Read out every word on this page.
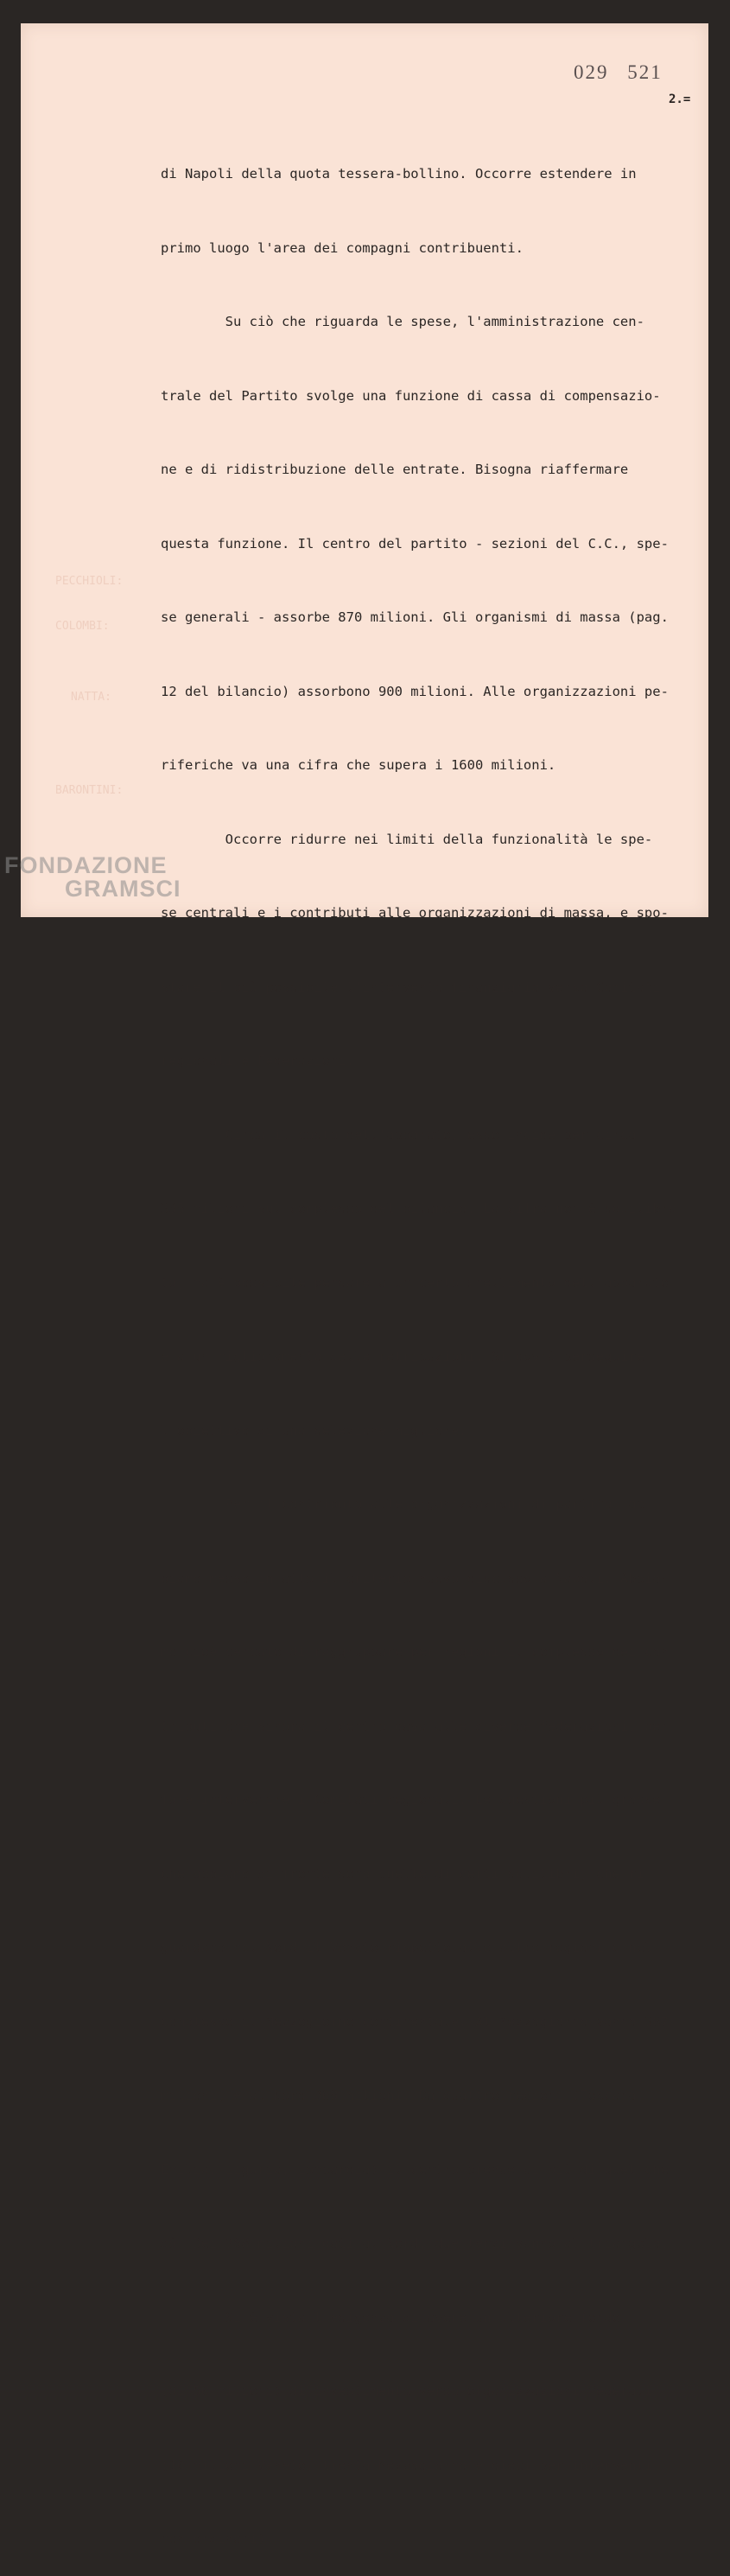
029 521
2.=
PECCHIOLI:
COLOMBI:
NATTA:
BARONTINI:

di Napoli della quota tessera-bollino. Occorre estendere in

primo luogo l'area dei compagni contribuenti.

Su ciò che riguarda le spese, l'amministrazione cen-

trale del Partito svolge una funzione di cassa di compensazio-

ne e di ridistribuzione delle entrate. Bisogna riaffermare

questa funzione. Il centro del partito - sezioni del C.C., spe-

se generali - assorbe 870 milioni. Gli organismi di massa (pag.

12 del bilancio) assorbono 900 milioni. Alle organizzazioni pe-

riferiche va una cifra che supera i 1600 milioni.

Occorre ridurre nei limiti della funzionalità le spe-

se centrali e i contributi alle organizzazioni di massa, e spo-

stare il più possibile l'intervento finanziario verso Comitati

regionali e Federazioni.

Circa il costo dell'apparato, esso incide per circa

335 milioni sul complesso del bilancio. La cifra non è squilibra

ta, ma è possibile pensare a un certo snellimento dell'apparato

e a un miglioramento delle retribuzioni. Si dovrà perseguire

l'obiettivo di una selezione migliore.

Per il contributo alle organizzazioni di partito, ab-

biamo messo in atto il criterio nuovo discusso a Napoli. Abbia-

mo cioè cercato di raggruppare per regioni il complesso dei con-

tributi che sinora il centro dava alle diverse federazioni, per

fare intervenire i Comitati regionali. Le questioni più grosse

che abbiamo di fronte sono quelle di certi squilibri, che ri-

guardano nel Nord il Veneto rispetto alle altre regioni e nel

complesso il Mezzogiorno continentale. Al Mezzogiorno vanno 367

milioni, e al Nord 368 milioni. Da quattro regioni (Toscana,

Emilia, Liguria, Lombardia) il centro prende di più di quel che

dà. Dei 368 milioni dati al Nord, due terzi vanno al triangolo.

Si è vista l'esigenza di avere un ulteriore fondo

(di 50 milioni) di investimento verso organizzazioni federali

(10 milioni Veneto, trenta Mezzogiorno e dieci per interventi

non ordinari).

FONDAZIONE
GRAMSCI
